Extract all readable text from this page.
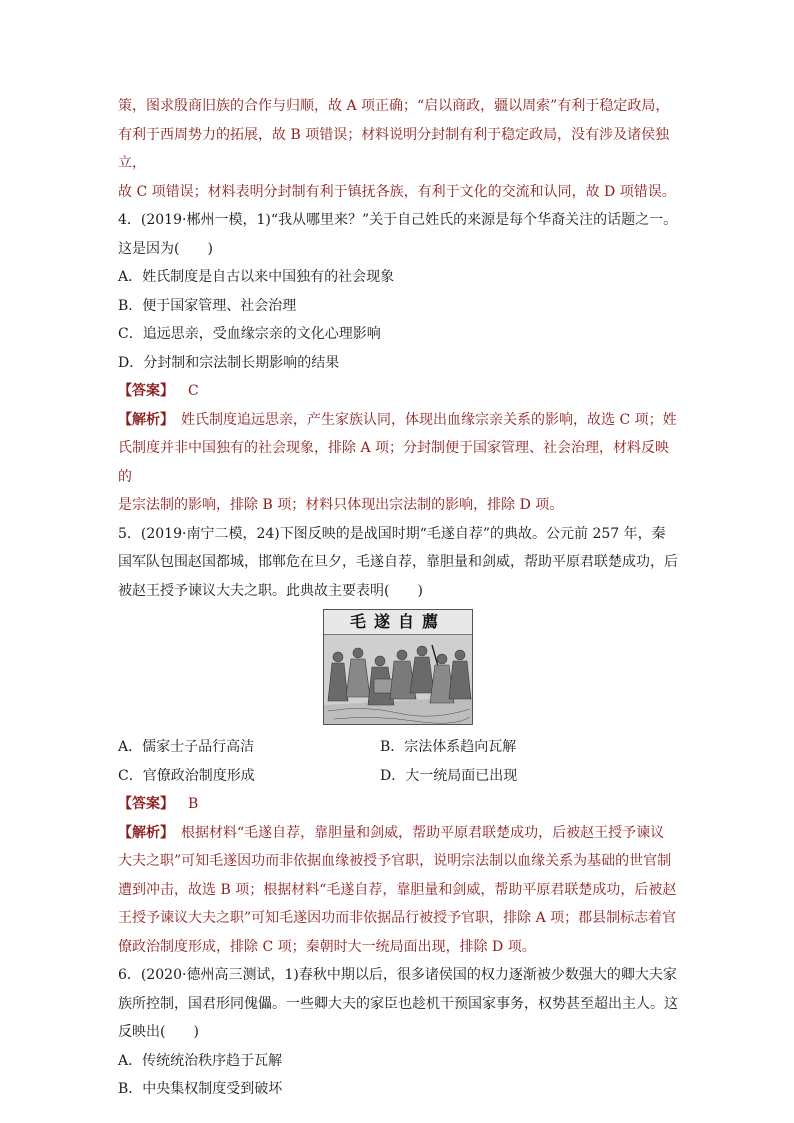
策，图求殷商旧族的合作与归顺，故 A 项正确；“启以商政，疆以周索”有利于稳定政局，

有利于西周势力的拓展，故 B 项错误；材料说明分封制有利于稳定政局，没有涉及诸侯独立，

故 C 项错误；材料表明分封制有利于镇抚各族，有利于文化的交流和认同，故 D 项错误。

4．(2019·郴州一模，1)“我从哪里来？”关于自己姓氏的来源是每个华裔关注的话题之一。

这是因为(　　)

A．姓氏制度是自古以来中国独有的社会现象

B．便于国家管理、社会治理

C．追远思亲，受血缘宗亲的文化心理影响

D．分封制和宗法制长期影响的结果

【答案】 C

【解析】　姓氏制度追远思亲，产生家族认同，体现出血缘宗亲关系的影响，故选 C 项；姓

氏制度并非中国独有的社会现象，排除 A 项；分封制便于国家管理、社会治理，材料反映的

是宗法制的影响，排除 B 项；材料只体现出宗法制的影响，排除 D 项。

5．(2019·南宁二模，24)下图反映的是战国时期“毛遂自荐”的典故。公元前 257 年，秦

国军队包围赵国都城，邯郸危在旦夕，毛遂自荐，靠胆量和剑威，帮助平原君联楚成功，后

被赵王授予谏议大夫之职。此典故主要表明(　　)

毛遂自薦
A．儒家士子品行高洁	B．宗法体系趋向瓦解
C．官僚政治制度形成	D．大一统局面已出现

【答案】 B

【解析】　根据材料“毛遂自荐，靠胆量和剑威，帮助平原君联楚成功，后被赵王授予谏议

大夫之职”可知毛遂因功而非依据血缘被授予官职，说明宗法制以血缘关系为基础的世官制

遭到冲击，故选 B 项；根据材料“毛遂自荐，靠胆量和剑威，帮助平原君联楚成功，后被赵

王授予谏议大夫之职”可知毛遂因功而非依据品行被授予官职，排除 A 项；郡县制标志着官

僚政治制度形成，排除 C 项；秦朝时大一统局面出现，排除 D 项。

6．(2020·德州高三测试，1)春秋中期以后，很多诸侯国的权力逐渐被少数强大的卿大夫家

族所控制，国君形同傀儡。一些卿大夫的家臣也趁机干预国家事务，权势甚至超出主人。这

反映出(　　)

A．传统统治秩序趋于瓦解

B．中央集权制度受到破坏
